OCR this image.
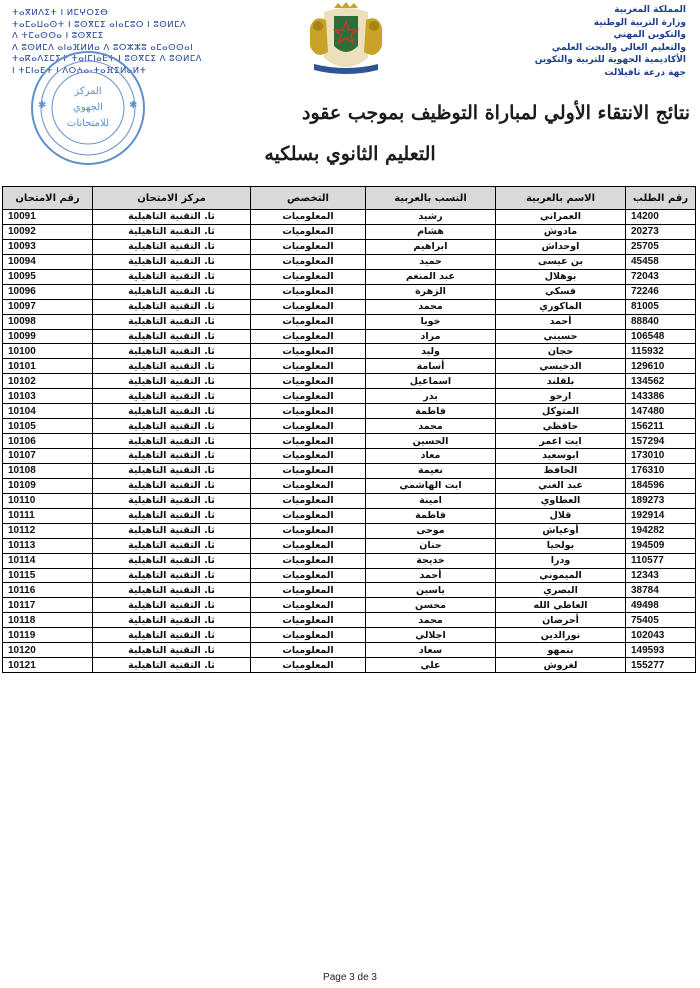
ⵜⴰⴳⵍⴷⵉⵜ ⵏ ⵍⵎⵖⵔⵉⴱ
ⵜⴰⵎⴰⵡⴰⵙⵜ ⵏ ⵓⵙⴳⵎⵉ ⴰⵏⴰⵎⵓⵔ ⵏ ⵓⵙⵍⵎⴷ
ⴷ ⵜⵎⴰⵙⵙⴰ ⵏ ⵓⵙⴳⵎⵉ
ⴷ ⵓⵙⵍⵎⴷ ⴰⵏⴰⴼⵍⵍⴰ ⴷ ⵓⵔⵣⵣⵓ ⴰⵎⴰⵙⵙⴰⵏ
ⵜⴰⴽⴰⴷⵉⵎⵉⵜ ⵜⴰⵏⵎⵏⴰⴹⵜ ⵏ ⵓⵙⴳⵎⵉ ⴷ ⵓⵙⵍⵎⴷ
ⵏ ⵜⵎⵏⴰⴹⵜ ⵏ ⴷⵔⵄⴰ-ⵜⴰⴼⵉⵍⴰⵍⵜ
المملكة المغربية
وزارة التربية الوطنية
والتكوين المهني
والتعليم العالي والبحث العلمي
الأكاديمية الجهوية للتربية والتكوين
جهة درعة تافيلالت
المركز
الجهوي
للامتحانات
✱	✱	نتائج الانتقاء الأولي لمباراة التوظيف بموجب عقود
التعليم الثانوي بسلكيه
رقم الطلب	الاسم بالعربية	النسب بالعربية	التخصص	مركز الامتحان	رقم الامتحان
14200	العمراني	رشيد	المعلوميات	ثا. التقنية التاهيلية	10091
20273	مادوش	هشام	المعلوميات	ثا. التقنية التاهيلية	10092
25705	اوحداش	ابراهيم	المعلوميات	ثا. التقنية التاهيلية	10093
45458	بن عيسى	حميد	المعلوميات	ثا. التقنية التاهيلية	10094
72043	بوهلال	عبد المنعم	المعلوميات	ثا. التقنية التاهيلية	10095
72246	فسكي	الزهرة	المعلوميات	ثا. التقنية التاهيلية	10096
81005	الماكوري	محمد	المعلوميات	ثا. التقنية التاهيلية	10097
88840	أحمد	خوبا	المعلوميات	ثا. التقنية التاهيلية	10098
106548	حسيني	مراد	المعلوميات	ثا. التقنية التاهيلية	10099
115932	حجان	وليد	المعلوميات	ثا. التقنية التاهيلية	10100
129610	الدخيسي	أسامة	المعلوميات	ثا. التقنية التاهيلية	10101
134562	بلقلند	اسماعيل	المعلوميات	ثا. التقنية التاهيلية	10102
143386	ارحو	بدر	المعلوميات	ثا. التقنية التاهيلية	10103
147480	المتوكل	فاطمة	المعلوميات	ثا. التقنية التاهيلية	10104
156211	حافظي	محمد	المعلوميات	ثا. التقنية التاهيلية	10105
157294	ايت اعمر	الحسين	المعلوميات	ثا. التقنية التاهيلية	10106
173010	ابوسعيد	معاد	المعلوميات	ثا. التقنية التاهيلية	10107
176310	الحافظ	نعيمة	المعلوميات	ثا. التقنية التاهيلية	10108
184596	عبد الغني	ايت الهاشمي	المعلوميات	ثا. التقنية التاهيلية	10109
189273	العطاوي	امينة	المعلوميات	ثا. التقنية التاهيلية	10110
192914	قلال	فاطمة	المعلوميات	ثا. التقنية التاهيلية	10111
194282	أوعياش	موحى	المعلوميات	ثا. التقنية التاهيلية	10112
194509	بولحيا	حنان	المعلوميات	ثا. التقنية التاهيلية	10113
110577	ودرا	خديجة	المعلوميات	ثا. التقنية التاهيلية	10114
12343	الميموني	أحمد	المعلوميات	ثا. التقنية التاهيلية	10115
38784	البصري	ياسين	المعلوميات	ثا. التقنية التاهيلية	10116
49498	العاطي الله	محسن	المعلوميات	ثا. التقنية التاهيلية	10117
75405	أحرضان	محمد	المعلوميات	ثا. التقنية التاهيلية	10118
102043	نورالدين	اجلالي	المعلوميات	ثا. التقنية التاهيلية	10119
149593	بنمهو	سعاد	المعلوميات	ثا. التقنية التاهيلية	10120
155277	لغروش	علي	المعلوميات	ثا. التقنية التاهيلية	10121
Page 3 de 3
